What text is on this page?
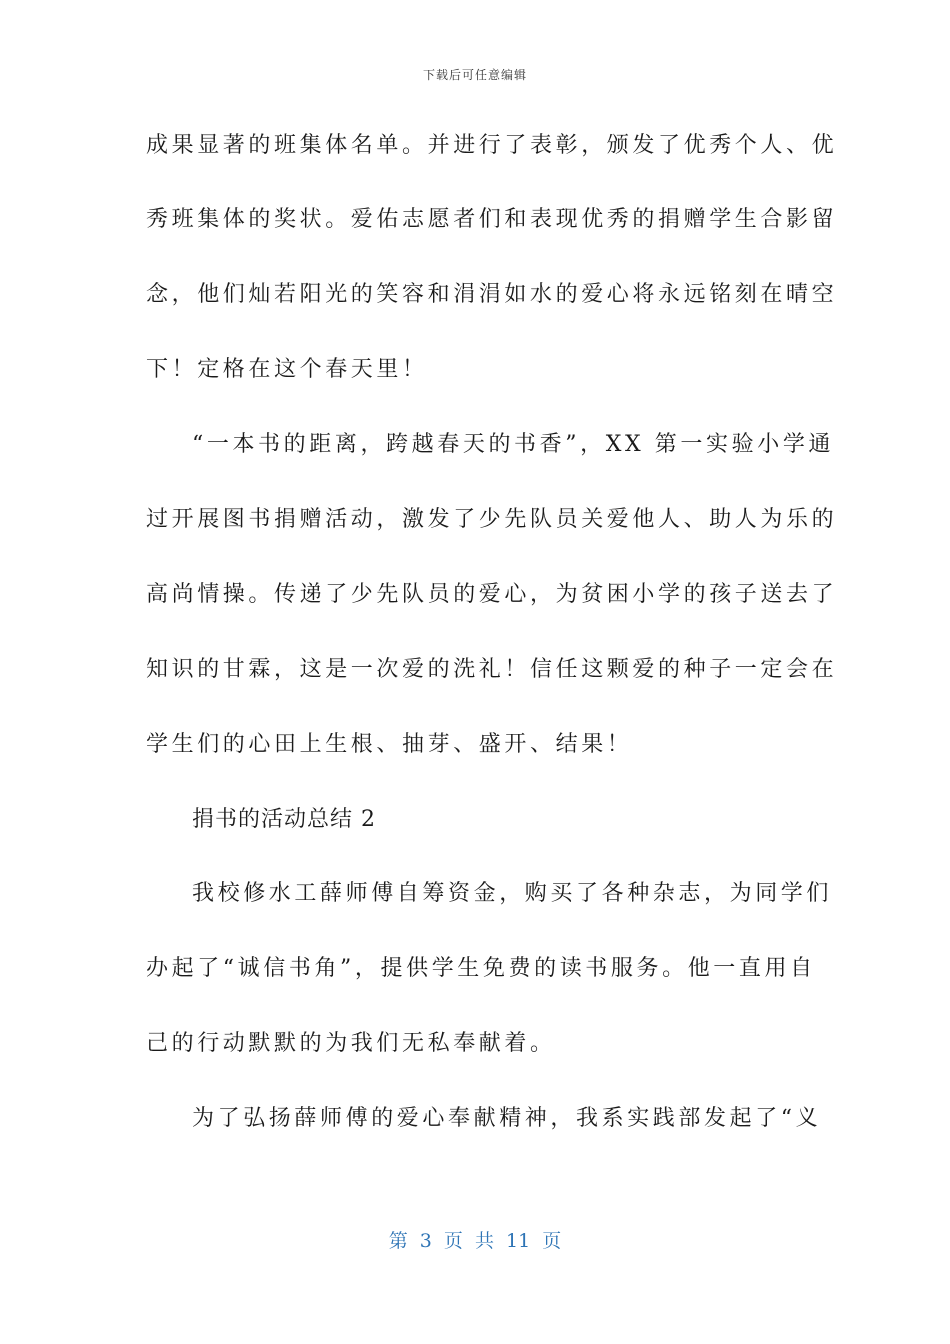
下载后可任意编辑
成果显著的班集体名单。并进行了表彰，颁发了优秀个人、优
秀班集体的奖状。爱佑志愿者们和表现优秀的捐赠学生合影留
念，他们灿若阳光的笑容和涓涓如水的爱心将永远铭刻在晴空
下！定格在这个春天里！
“一本书的距离，跨越春天的书香”，XX 第一实验小学通
过开展图书捐赠活动，激发了少先队员关爱他人、助人为乐的
高尚情操。传递了少先队员的爱心，为贫困小学的孩子送去了
知识的甘霖，这是一次爱的洗礼！信任这颗爱的种子一定会在
学生们的心田上生根、抽芽、盛开、结果！
捐书的活动总结 2
我校修水工薛师傅自筹资金，购买了各种杂志，为同学们
办起了“诚信书角”，提供学生免费的读书服务。他一直用自
己的行动默默的为我们无私奉献着。
为了弘扬薛师傅的爱心奉献精神，我系实践部发起了“义
第 3 页 共 11 页
